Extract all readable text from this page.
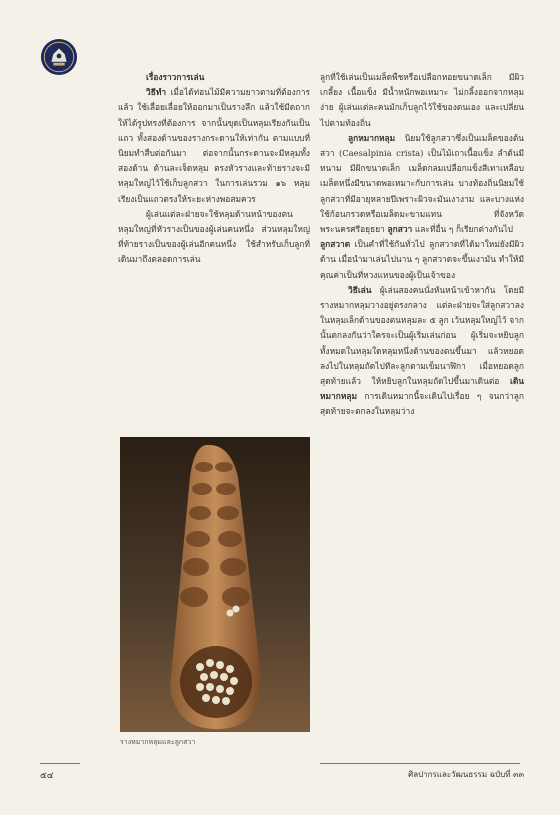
เรื่องราวการเล่น

วิธีทำ เมื่อได้ท่อนไม้มีความยาวตามที่ต้องการแล้ว ใช้เลื่อยเลื่อยให้ออกมาเป็นรางลึก แล้วใช้มีดถากให้ได้รูปทรงที่ต้องการ จากนั้นขุดเป็นหลุมเรียงกันเป็นแถว ทั้งสองด้านของรางกระดานให้เท่ากัน ตามแบบที่นิยมทำสืบต่อกันมา ต่อจากนั้นกระดานจะมีหลุมทั้งสองด้าน ด้านละเจ็ดหลุม ตรงหัวรางและท้ายรางจะมีหลุมใหญ่ไว้ใช้เก็บลูกสวา ในการเล่นรวม ๑๖ หลุม เรียงเป็นแถวตรงให้ระยะห่างพอสมควร

ผู้เล่นแต่ละฝ่ายจะใช้หลุมด้านหน้าของตน หลุมใหญ่ที่หัวรางเป็นของผู้เล่นคนหนึ่ง ส่วนหลุมใหญ่ที่ท้ายรางเป็นของผู้เล่นอีกคนหนึ่ง ใช้สำหรับเก็บลูกที่เดินมาถึงตลอดการเล่น

รางหมากหลุมและลูกสวา

ลูกที่ใช้เล่นเป็นเมล็ดพืชหรือเปลือกหอยขนาดเล็ก มีผิวเกลี้ยง เนื้อแข็ง มีน้ำหนักพอเหมาะ ไม่กลิ้งออกจากหลุมง่าย ผู้เล่นแต่ละคนมักเก็บลูกไว้ใช้ของตนเอง และเปลี่ยนไปตามท้องถิ่น

ลูกหมากหลุม นิยมใช้ลูกสวาซึ่งเป็นเมล็ดของต้นสวา (Caesalpinia crista) เป็นไม้เถาเนื้อแข็ง ลำต้นมีหนาม มีฝักขนาดเล็ก เมล็ดกลมเปลือกแข็งสีเทาเหลือบ เมล็ดหนึ่งมีขนาดพอเหมาะกับการเล่น บางท้องถิ่นนิยมใช้ลูกสวาที่มีอายุหลายปีเพราะผิวจะมันเงางาม และบางแห่งใช้ก้อนกรวดหรือเมล็ดมะขามแทน ที่จังหวัดพระนครศรีอยุธยา ลูกสวา และที่อื่น ๆ ก็เรียกต่างกันไป

ลูกสวาด เป็นคำที่ใช้กันทั่วไป ลูกสวาดที่ได้มาใหม่ยังมีผิวด้าน เมื่อนำมาเล่นไปนาน ๆ ลูกสวาดจะขึ้นเงามัน ทำให้มีคุณค่าเป็นที่หวงแหนของผู้เป็นเจ้าของ

วิธีเล่น ผู้เล่นสองคนนั่งหันหน้าเข้าหากัน โดยมีรางหมากหลุมวางอยู่ตรงกลาง แต่ละฝ่ายจะใส่ลูกสวาลงในหลุมเล็กด้านของตนหลุมละ ๕ ลูก เว้นหลุมใหญ่ไว้ จากนั้นตกลงกันว่าใครจะเป็นผู้เริ่มเล่นก่อน ผู้เริ่มจะหยิบลูกทั้งหมดในหลุมใดหลุมหนึ่งด้านของตนขึ้นมา แล้วหยอดลงไปในหลุมถัดไปทีละลูกตามเข็มนาฬิกา เมื่อหยอดลูกสุดท้ายแล้ว ให้หยิบลูกในหลุมถัดไปขึ้นมาเดินต่อ เดินหมากหลุม การเดินหมากนี้จะเดินไปเรื่อย ๆ จนกว่าลูกสุดท้ายจะตกลงในหลุมว่าง

๕๔	ศิลปากรและวัฒนธรรม ฉบับที่ ๓๓
